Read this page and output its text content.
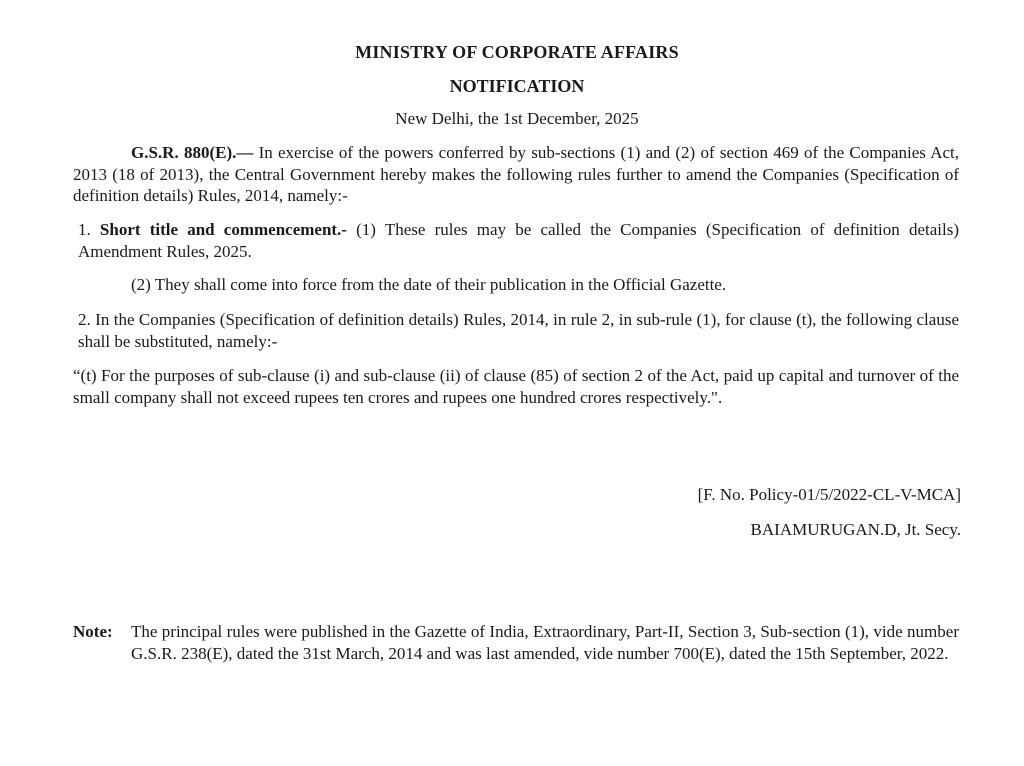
MINISTRY OF CORPORATE AFFAIRS
NOTIFICATION
New Delhi, the 1st December, 2025
G.S.R. 880(E).— In exercise of the powers conferred by sub-sections (1) and (2) of section 469 of the Companies Act, 2013 (18 of 2013), the Central Government hereby makes the following rules further to amend the Companies (Specification of definition details) Rules, 2014, namely:-
1. Short title and commencement.- (1) These rules may be called the Companies (Specification of definition details) Amendment Rules, 2025.
(2) They shall come into force from the date of their publication in the Official Gazette.
2. In the Companies (Specification of definition details) Rules, 2014, in rule 2, in sub-rule (1), for clause (t), the following clause shall be substituted, namely:-
“(t) For the purposes of sub-clause (i) and sub-clause (ii) of clause (85) of section 2 of the Act, paid up capital and turnover of the small company shall not exceed rupees ten crores and rupees one hundred crores respectively.".
[F. No. Policy-01/5/2022-CL-V-MCA]
BAIAMURUGAN.D, Jt. Secy.
Note:	The principal rules were published in the Gazette of India, Extraordinary, Part-II, Section 3, Sub-section (1), vide number G.S.R. 238(E), dated the 31st March, 2014 and was last amended, vide number 700(E), dated the 15th September, 2022.
